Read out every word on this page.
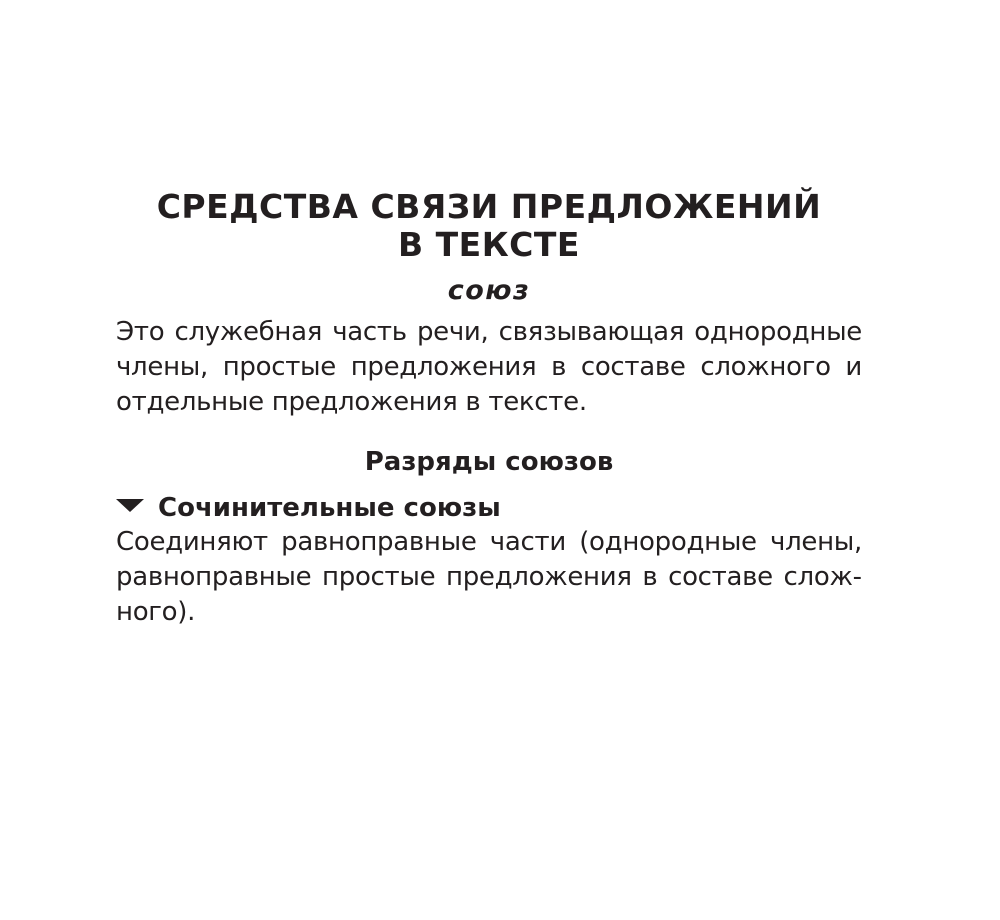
СРЕДСТВА СВЯЗИ ПРЕДЛОЖЕНИЙ
В ТЕКСТЕ
союз

Это служебная часть речи, связывающая однородные члены, простые предложения в составе сложного и отдельные предложения в тексте.

Разряды союзов
Сочинительные союзы

Соединяют равноправные части (однородные члены, равноправные простые предложения в составе сложного).
